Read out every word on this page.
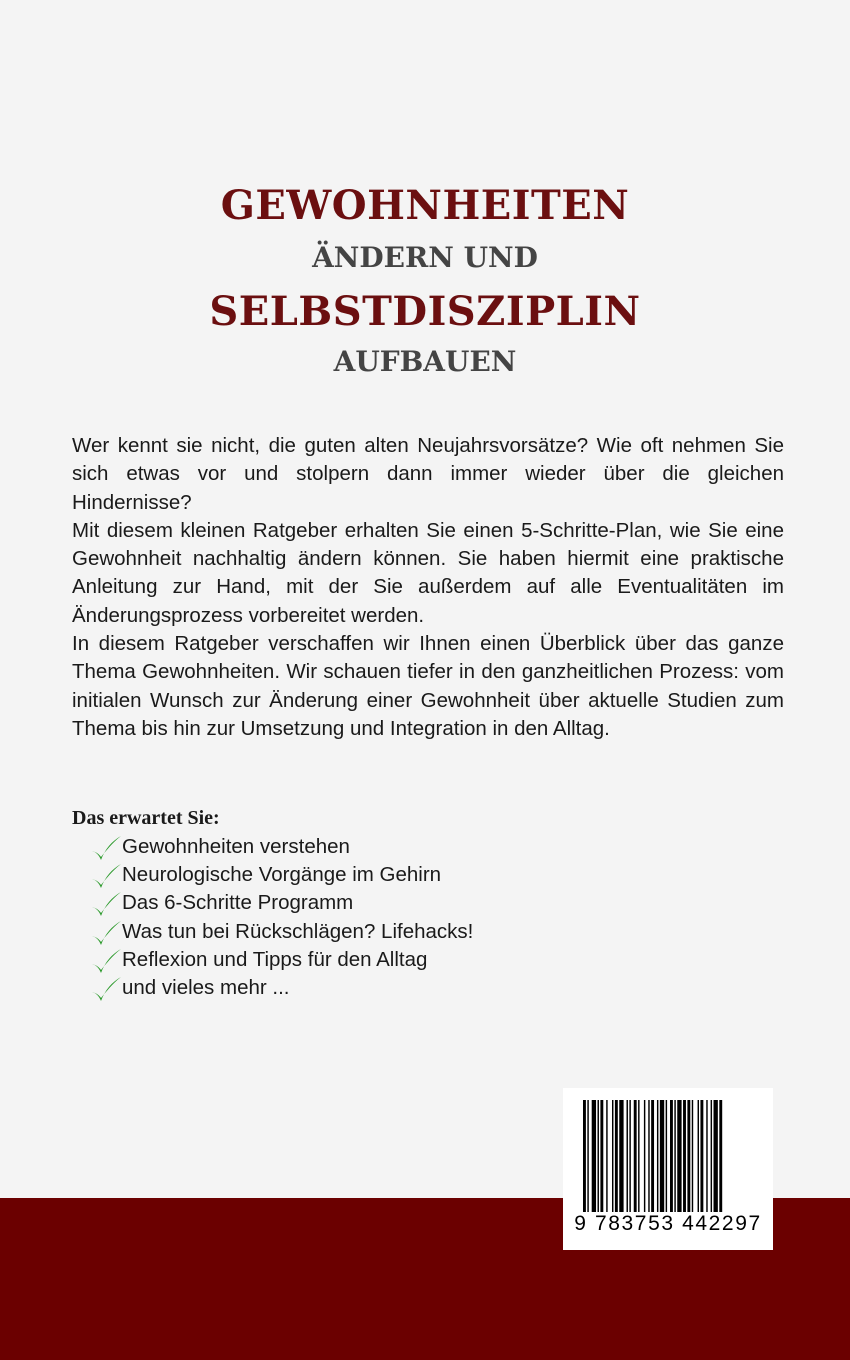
GEWOHNHEITEN
ÄNDERN UND
SELBSTDISZIPLIN
AUFBAUEN

Wer kennt sie nicht, die guten alten Neujahrsvorsätze? Wie oft nehmen Sie sich etwas vor und stolpern dann immer wieder über die gleichen Hindernisse?

Mit diesem kleinen Ratgeber erhalten Sie einen 5-Schritte-Plan, wie Sie eine Gewohnheit nachhaltig ändern können. Sie haben hiermit eine praktische Anleitung zur Hand, mit der Sie außerdem auf alle Eventualitäten im Änderungsprozess vorbereitet werden.

In diesem Ratgeber verschaffen wir Ihnen einen Überblick über das ganze Thema Gewohnheiten. Wir schauen tiefer in den ganzheitlichen Prozess: vom initialen Wunsch zur Änderung einer Gewohnheit über aktuelle Studien zum Thema bis hin zur Umsetzung und Integration in den Alltag.

Das erwartet Sie:
Gewohnheiten verstehen
Neurologische Vorgänge im Gehirn
Das 6-Schritte Programm
Was tun bei Rückschlägen? Lifehacks!
Reflexion und Tipps für den Alltag
und vieles mehr ...
9 783753 442297
